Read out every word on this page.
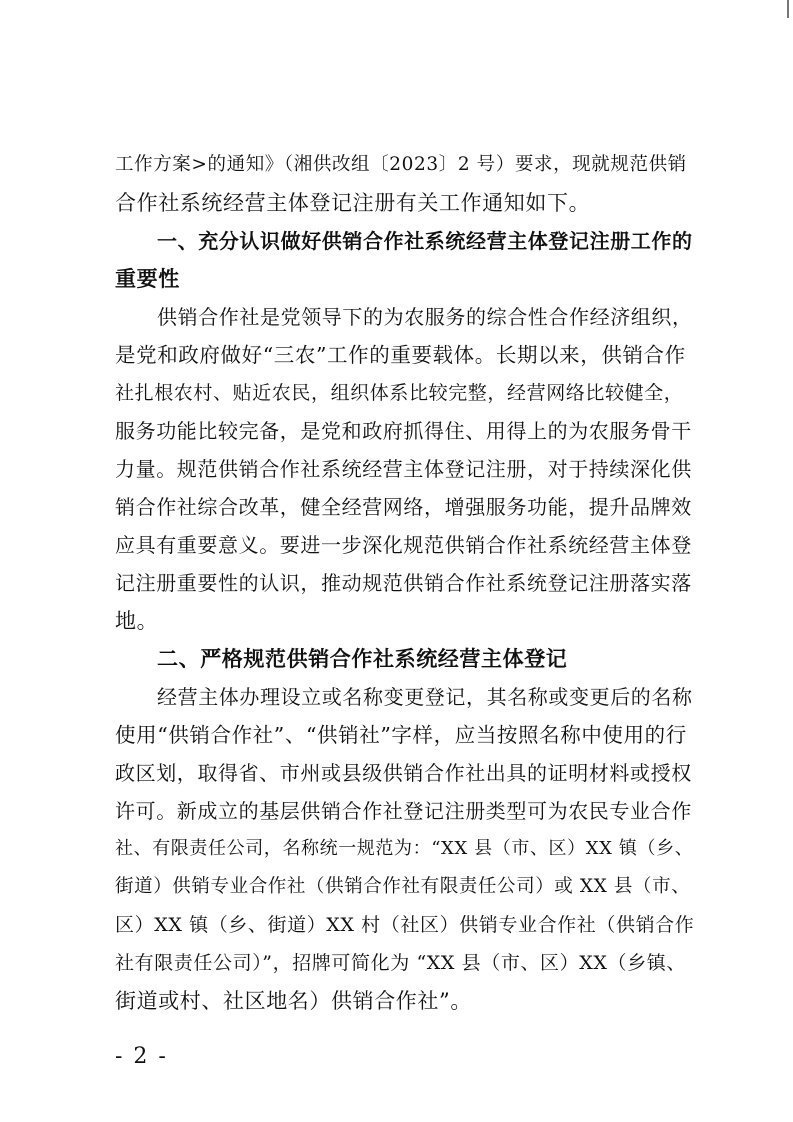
工作方案>的通知》（湘供改组〔2023〕2 号）要求，现就规范供销
合作社系统经营主体登记注册有关工作通知如下。
一、充分认识做好供销合作社系统经营主体登记注册工作的
重要性
供销合作社是党领导下的为农服务的综合性合作经济组织，
是党和政府做好“三农”工作的重要载体。长期以来，供销合作
社扎根农村、贴近农民，组织体系比较完整，经营网络比较健全，
服务功能比较完备，是党和政府抓得住、用得上的为农服务骨干
力量。规范供销合作社系统经营主体登记注册，对于持续深化供
销合作社综合改革，健全经营网络，增强服务功能，提升品牌效
应具有重要意义。要进一步深化规范供销合作社系统经营主体登
记注册重要性的认识，推动规范供销合作社系统登记注册落实落
地。
二、严格规范供销合作社系统经营主体登记
经营主体办理设立或名称变更登记，其名称或变更后的名称
使用“供销合作社”、“供销社”字样，应当按照名称中使用的行
政区划，取得省、市州或县级供销合作社出具的证明材料或授权
许可。新成立的基层供销合作社登记注册类型可为农民专业合作
社、有限责任公司，名称统一规范为：“XX 县（市、区）XX 镇（乡、
街道）供销专业合作社（供销合作社有限责任公司）或 XX 县（市、
区）XX 镇（乡、街道）XX 村（社区）供销专业合作社（供销合作
社有限责任公司）”，招牌可简化为 “XX 县（市、区）XX（乡镇、
街道或村、社区地名）供销合作社”。
- 2 -
